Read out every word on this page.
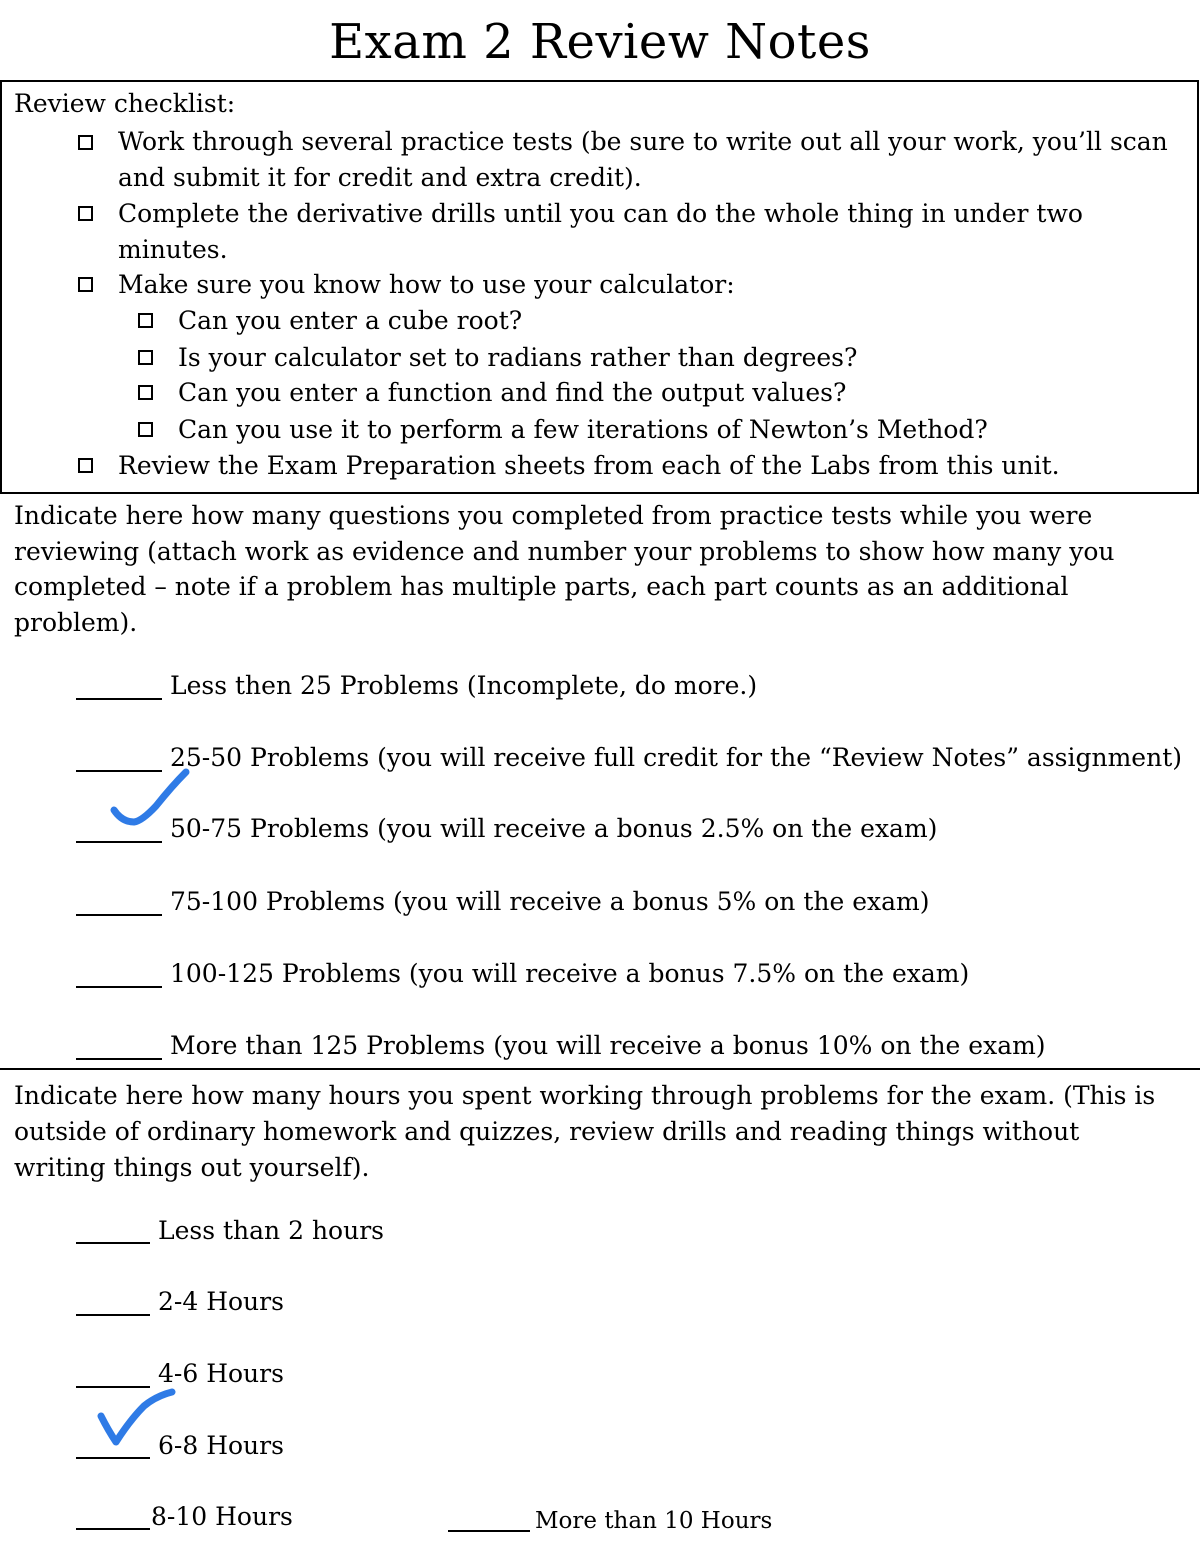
Exam 2 Review Notes
Review checklist:
Work through several practice tests (be sure to write out all your work, you’ll scan
and submit it for credit and extra credit).
Complete the derivative drills until you can do the whole thing in under two
minutes.
Make sure you know how to use your calculator:
Can you enter a cube root?
Is your calculator set to radians rather than degrees?
Can you enter a function and find the output values?
Can you use it to perform a few iterations of Newton’s Method?
Review the Exam Preparation sheets from each of the Labs from this unit.
Indicate here how many questions you completed from practice tests while you were
reviewing (attach work as evidence and number your problems to show how many you
completed – note if a problem has multiple parts, each part counts as an additional
problem).
Less then 25 Problems (Incomplete, do more.)
25-50 Problems (you will receive full credit for the “Review Notes” assignment)
50-75 Problems (you will receive a bonus 2.5% on the exam)
75-100 Problems (you will receive a bonus 5% on the exam)
100-125 Problems (you will receive a bonus 7.5% on the exam)
More than 125 Problems (you will receive a bonus 10% on the exam)
Indicate here how many hours you spent working through problems for the exam. (This is
outside of ordinary homework and quizzes, review drills and reading things without
writing things out yourself).
Less than 2 hours
2-4 Hours
4-6 Hours
6-8 Hours
8-10 Hours	More than 10 Hours
